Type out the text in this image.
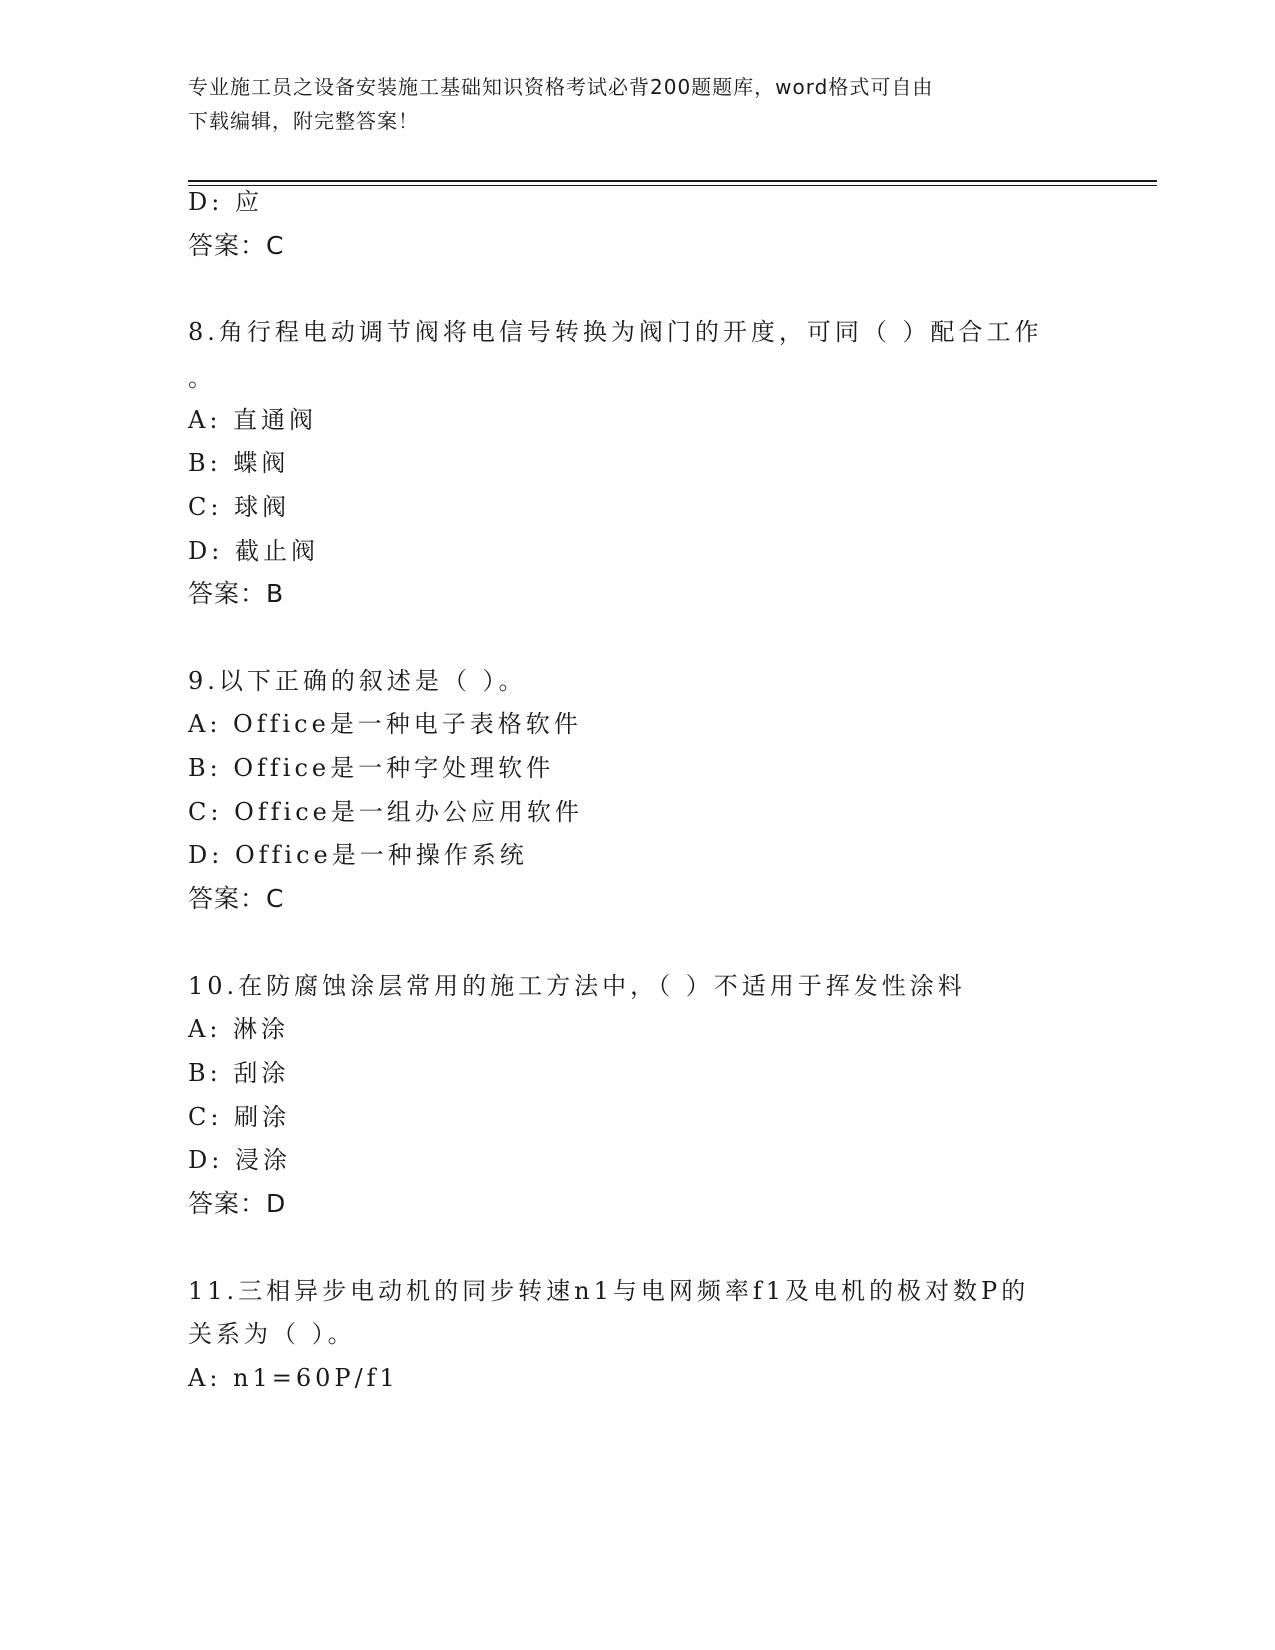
专业施工员之设备安装施工基础知识资格考试必背200题题库，word格式可自由
下载编辑，附完整答案！
D: 应
答案：C
8.角行程电动调节阀将电信号转换为阀门的开度，可同（ ）配合工作
。
A: 直通阀
B: 蝶阀
C: 球阀
D: 截止阀
答案：B
9.以下正确的叙述是（ ）。
A: Office是一种电子表格软件
B: Office是一种字处理软件
C: Office是一组办公应用软件
D: Office是一种操作系统
答案：C
10.在防腐蚀涂层常用的施工方法中，（ ）不适用于挥发性涂料
A: 淋涂
B: 刮涂
C: 刷涂
D: 浸涂
答案：D
11.三相异步电动机的同步转速n1与电网频率f1及电机的极对数P的
关系为（ ）。
A: n1=60P/f1
